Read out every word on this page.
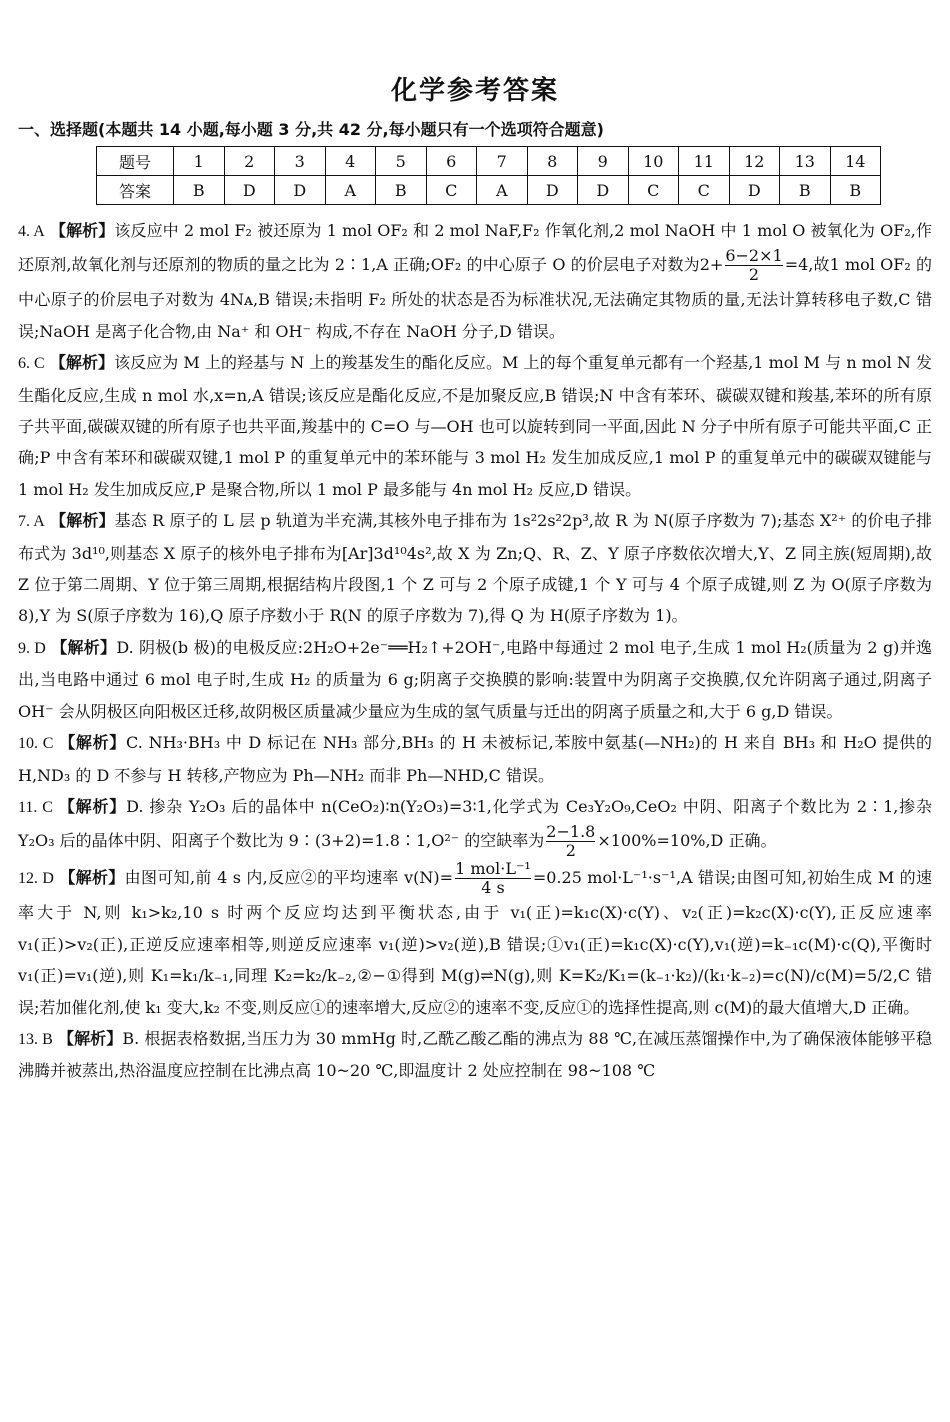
化学参考答案
一、选择题(本题共 14 小题,每小题 3 分,共 42 分,每小题只有一个选项符合题意)
题号	1	2	3	4	5	6	7	8	9	10	11	12	13	14
答案	B	D	D	A	B	C	A	D	D	C	C	D	B	B

4. A 【解析】该反应中 2 mol F₂ 被还原为 1 mol OF₂ 和 2 mol NaF,F₂ 作氧化剂,2 mol NaOH 中 1 mol O 被氧化为 OF₂,作还原剂,故氧化剂与还原剂的物质的量之比为 2∶1,A 正确;OF₂ 的中心原子 O 的价层电子对数为$2+ \frac{6-2\times 1}{2} =4$,故1 mol OF₂ 的中心原子的价层电子对数为 4Nᴀ,B 错误;未指明 F₂ 所处的状态是否为标准状况,无法确定其物质的量,无法计算转移电子数,C 错误;NaOH 是离子化合物,由 Na⁺ 和 OH⁻ 构成,不存在 NaOH 分子,D 错误。

6. C 【解析】该反应为 M 上的羟基与 N 上的羧基发生的酯化反应。M 上的每个重复单元都有一个羟基,1 mol M 与 n mol N 发生酯化反应,生成 n mol 水,x=n,A 错误;该反应是酯化反应,不是加聚反应,B 错误;N 中含有苯环、碳碳双键和羧基,苯环的所有原子共平面,碳碳双键的所有原子也共平面,羧基中的 C=O 与—OH 也可以旋转到同一平面,因此 N 分子中所有原子可能共平面,C 正确;P 中含有苯环和碳碳双键,1 mol P 的重复单元中的苯环能与 3 mol H₂ 发生加成反应,1 mol P 的重复单元中的碳碳双键能与 1 mol H₂ 发生加成反应,P 是聚合物,所以 1 mol P 最多能与 4n mol H₂ 反应,D 错误。

7. A 【解析】基态 R 原子的 L 层 p 轨道为半充满,其核外电子排布为 1s²2s²2p³,故 R 为 N(原子序数为 7);基态 X²⁺ 的价电子排布式为 3d¹⁰,则基态 X 原子的核外电子排布为[Ar]3d¹⁰4s²,故 X 为 Zn;Q、R、Z、Y 原子序数依次增大,Y、Z 同主族(短周期),故 Z 位于第二周期、Y 位于第三周期,根据结构片段图,1 个 Z 可与 2 个原子成键,1 个 Y 可与 4 个原子成键,则 Z 为 O(原子序数为 8),Y 为 S(原子序数为 16),Q 原子序数小于 R(N 的原子序数为 7),得 Q 为 H(原子序数为 1)。

9. D 【解析】D. 阴极(b 极)的电极反应:2H₂O+2e⁻══H₂↑+2OH⁻,电路中每通过 2 mol 电子,生成 1 mol H₂(质量为 2 g)并逸出,当电路中通过 6 mol 电子时,生成 H₂ 的质量为 6 g;阴离子交换膜的影响:装置中为阴离子交换膜,仅允许阴离子通过,阴离子 OH⁻ 会从阴极区向阳极区迁移,故阴极区质量减少量应为生成的氢气质量与迁出的阴离子质量之和,大于 6 g,D 错误。

10. C 【解析】C. NH₃·BH₃ 中 D 标记在 NH₃ 部分,BH₃ 的 H 未被标记,苯胺中氨基(—NH₂)的 H 来自 BH₃ 和 H₂O 提供的 H,ND₃ 的 D 不参与 H 转移,产物应为 Ph—NH₂ 而非 Ph—NHD,C 错误。

11. C 【解析】D. 掺杂 Y₂O₃ 后的晶体中 n(CeO₂)∶n(Y₂O₃)=3∶1,化学式为 Ce₃Y₂O₉,CeO₂ 中阴、阳离子个数比为 2∶1,掺杂 Y₂O₃ 后的晶体中阴、阳离子个数比为 9∶(3+2)=1.8∶1,O²⁻ 的空缺率为 $\frac{2-1.8}{2} \times 100\%=10\%,D$ 正确。

12. D 【解析】由图可知,前 4 s 内,反应②的平均速率 $v(N)= \frac{\text{1 mol·L⁻¹}}{4 s} =0.25$ mol·L⁻¹·s⁻¹,A 错误;由图可知,初始生成 M 的速率大于 N,则 k₁>k₂,10 s 时两个反应均达到平衡状态,由于 v₁(正)=k₁c(X)·c(Y)、v₂(正)=k₂c(X)·c(Y),正反应速率 v₁(正)>v₂(正),正逆反应速率相等,则逆反应速率 v₁(逆)>v₂(逆),B 错误;①v₁(正)=k₁c(X)·c(Y),v₁(逆)=k₋₁c(M)·c(Q),平衡时 v₁(正)=v₁(逆),则 K₁=k₁/k₋₁,同理 K₂=k₂/k₋₂,②−①得到 M(g)⇌N(g),则 K=K₂/K₁=(k₋₁·k₂)/(k₁·k₋₂)=c(N)/c(M)=5/2,C 错误;若加催化剂,使 k₁ 变大,k₂ 不变,则反应①的速率增大,反应②的速率不变,反应①的选择性提高,则 c(M)的最大值增大,D 正确。

13. B 【解析】B. 根据表格数据,当压力为 30 mmHg 时,乙酰乙酸乙酯的沸点为 88 ℃,在减压蒸馏操作中,为了确保液体能够平稳沸腾并被蒸出,热浴温度应控制在比沸点高 10~20 ℃,即温度计 2 处应控制在 98~108 ℃
